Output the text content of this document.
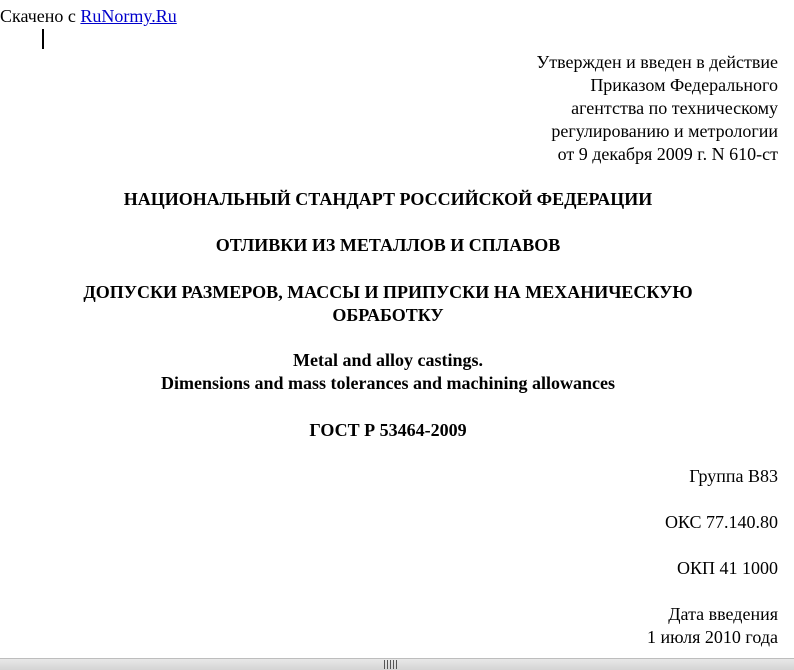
Скачено с RuNormy.Ru
Утвержден и введен в действие
Приказом Федерального
агентства по техническому
регулированию и метрологии
от 9 декабря 2009 г. N 610-ст
НАЦИОНАЛЬНЫЙ СТАНДАРТ РОССИЙСКОЙ ФЕДЕРАЦИИ
ОТЛИВКИ ИЗ МЕТАЛЛОВ И СПЛАВОВ
ДОПУСКИ РАЗМЕРОВ, МАССЫ И ПРИПУСКИ НА МЕХАНИЧЕСКУЮ
ОБРАБОТКУ
Metal and alloy castings.
Dimensions and mass tolerances and machining allowances
ГОСТ Р 53464-2009
Группа B83
ОКС 77.140.80
ОКП 41 1000
Дата введения
1 июля 2010 года
